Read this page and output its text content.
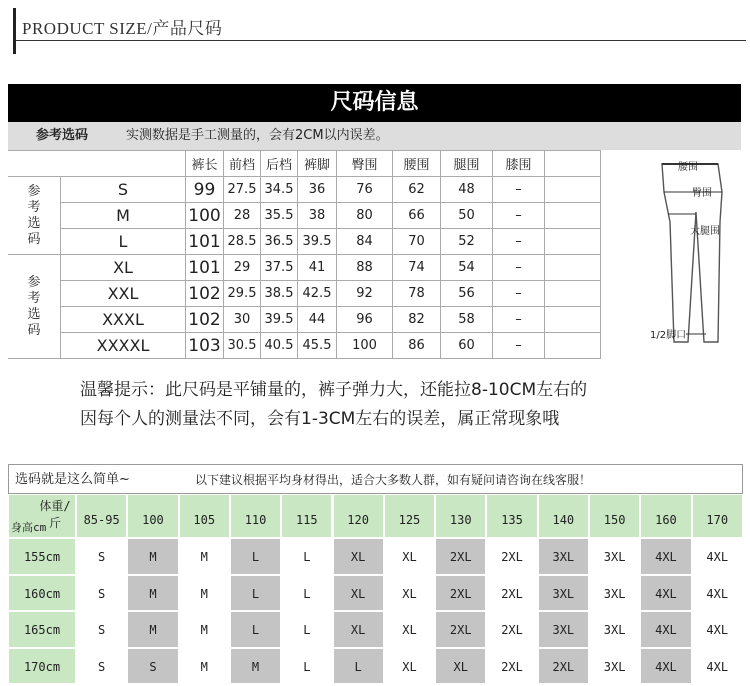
PRODUCT SIZE/产品尺码
尺码信息
参考选码	实测数据是手工测量的，会有2CM以内误差。
		裤长	前档	后档	裤脚	臀围	腰围	腿围	膝围	

参
考
选
码	S	99	27.5	34.5	36	76	62	48	–	
	M	100	28	35.5	38	80	66	50	–	
	L	101	28.5	36.5	39.5	84	70	52	–	

参
考
选
码	XL	101	29	37.5	41	88	74	54	–	
	XXL	102	29.5	38.5	42.5	92	78	56	–	
	XXXL	102	30	39.5	44	96	82	58	–	
	XXXXL	103	30.5	40.5	45.5	100	86	60	–	
腰围
臀围
大腿围
1/2脚口
温馨提示：此尺码是平铺量的，裤子弹力大，还能拉8-10CM左右的
因每个人的测量法不同，会有1-3CM左右的误差，属正常现象哦
选码就是这么简单~	以下建议根据平均身材得出，适合大多数人群，如有疑问请咨询在线客服！
体重/斤
身高cm
85-95	100	105	110	115	120	125	130	135	140	150	160	170
155cm	S	M	M	L	L	XL	XL	2XL	2XL	3XL	3XL	4XL	4XL
160cm	S	M	M	L	L	XL	XL	2XL	2XL	3XL	3XL	4XL	4XL
165cm	S	M	M	L	L	XL	XL	2XL	2XL	3XL	3XL	4XL	4XL
170cm	S	S	M	M	L	L	XL	XL	2XL	2XL	3XL	4XL	4XL
